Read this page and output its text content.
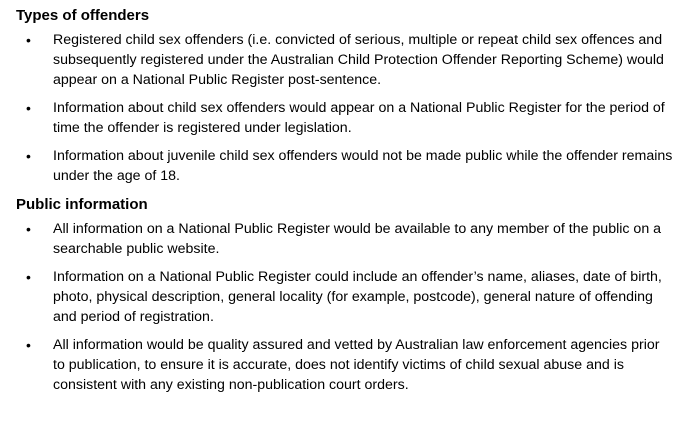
Types of offenders
• Registered child sex offenders (i.e. convicted of serious, multiple or repeat child sex offences and subsequently registered under the Australian Child Protection Offender Reporting Scheme) would appear on a National Public Register post-sentence.
• Information about child sex offenders would appear on a National Public Register for the period of time the offender is registered under legislation.
• Information about juvenile child sex offenders would not be made public while the offender remains under the age of 18.
Public information
• All information on a National Public Register would be available to any member of the public on a searchable public website.
• Information on a National Public Register could include an offender’s name, aliases, date of birth, photo, physical description, general locality (for example, postcode), general nature of offending and period of registration.
• All information would be quality assured and vetted by Australian law enforcement agencies prior to publication, to ensure it is accurate, does not identify victims of child sexual abuse and is consistent with any existing non-publication court orders.
